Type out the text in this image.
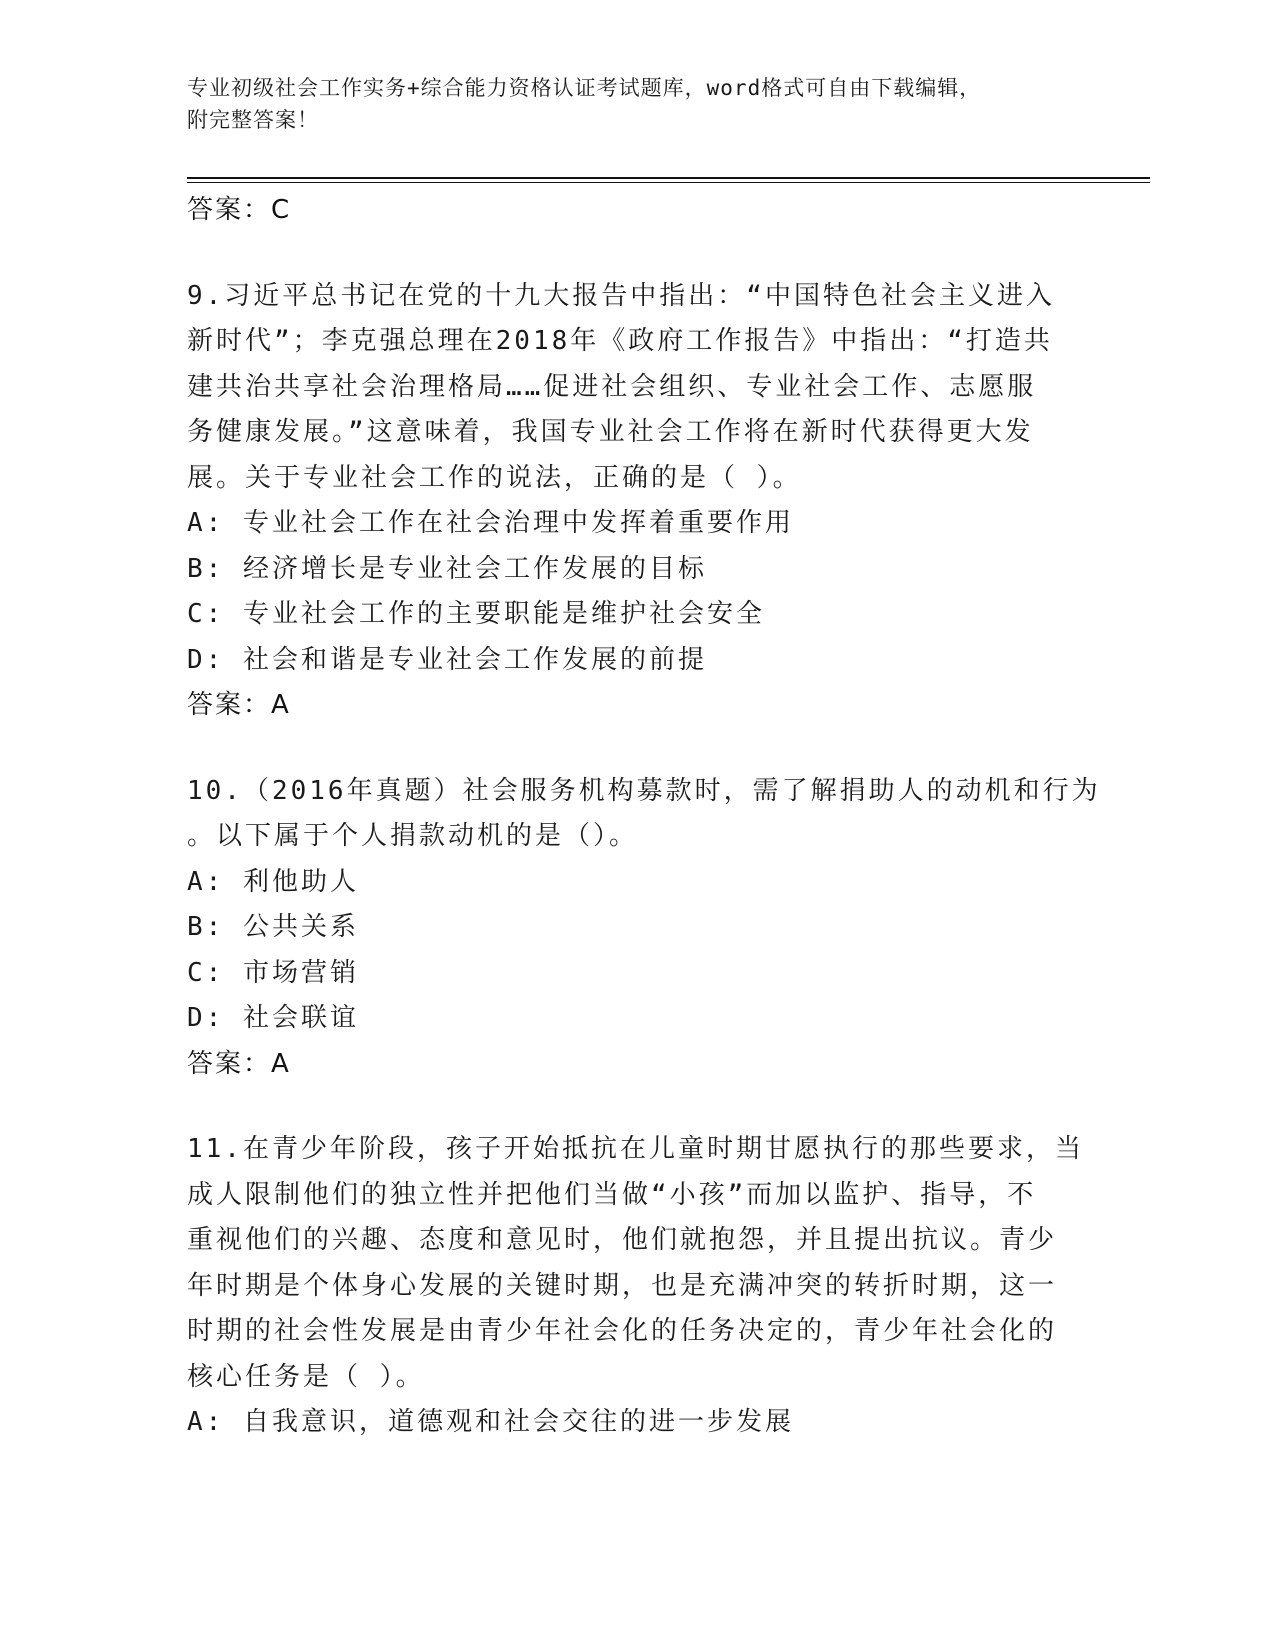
专业初级社会工作实务+综合能力资格认证考试题库，word格式可自由下载编辑，
附完整答案！
答案：C
9.习近平总书记在党的十九大报告中指出：“中国特色社会主义进入
新时代”；李克强总理在2018年《政府工作报告》中指出：“打造共
建共治共享社会治理格局……促进社会组织、专业社会工作、志愿服
务健康发展。”这意味着，我国专业社会工作将在新时代获得更大发
展。关于专业社会工作的说法，正确的是（ ）。
A: 专业社会工作在社会治理中发挥着重要作用
B: 经济增长是专业社会工作发展的目标
C: 专业社会工作的主要职能是维护社会安全
D: 社会和谐是专业社会工作发展的前提
答案：A
10.（2016年真题）社会服务机构募款时，需了解捐助人的动机和行为
。以下属于个人捐款动机的是（）。
A: 利他助人
B: 公共关系
C: 市场营销
D: 社会联谊
答案：A
11.在青少年阶段，孩子开始抵抗在儿童时期甘愿执行的那些要求，当
成人限制他们的独立性并把他们当做“小孩”而加以监护、指导，不
重视他们的兴趣、态度和意见时，他们就抱怨，并且提出抗议。青少
年时期是个体身心发展的关键时期，也是充满冲突的转折时期，这一
时期的社会性发展是由青少年社会化的任务决定的，青少年社会化的
核心任务是（ ）。
A: 自我意识，道德观和社会交往的进一步发展
